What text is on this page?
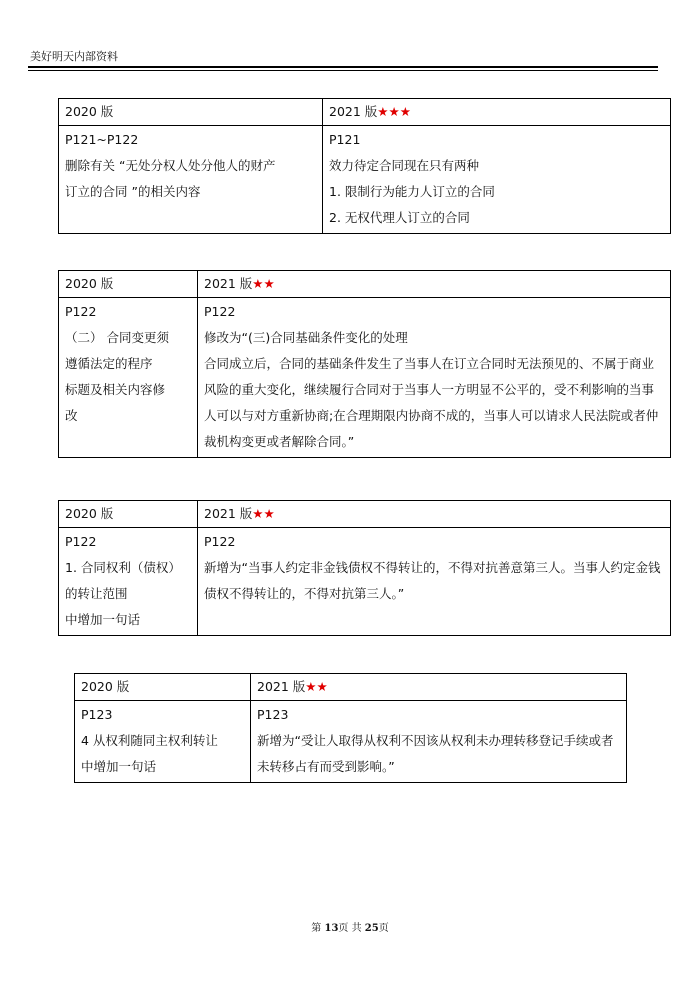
美好明天内部资料
2020 版	2021 版★★★

P121~P122
删除有关 “无处分权人处分他人的财产
订立的合同 ”的相关内容	P121
效力待定合同现在只有两种
1. 限制行为能力人订立的合同
2. 无权代理人订立的合同
2020 版	2021 版★★

P122
（二） 合同变更须
遵循法定的程序
标题及相关内容修
改	P122
修改为“(三)合同基础条件变化的处理
合同成立后，合同的基础条件发生了当事人在订立合同时无法预见的、不属于商业风险的重大变化，继续履行合同对于当事人一方明显不公平的，受不利影响的当事人可以与对方重新协商;在合理期限内协商不成的，当事人可以请求人民法院或者仲裁机构变更或者解除合同。”
2020 版	2021 版★★

P122
1. 合同权利（债权）
的转让范围
中增加一句话	P122
新增为“当事人约定非金钱债权不得转让的，不得对抗善意第三人。当事人约定金钱债权不得转让的，不得对抗第三人。”
2020 版	2021 版★★

P123
4 从权利随同主权利转让
中增加一句话	P123
新增为“受让人取得从权利不因该从权利未办理转移登记手续或者未转移占有而受到影响。”
第 13页 共 25页
